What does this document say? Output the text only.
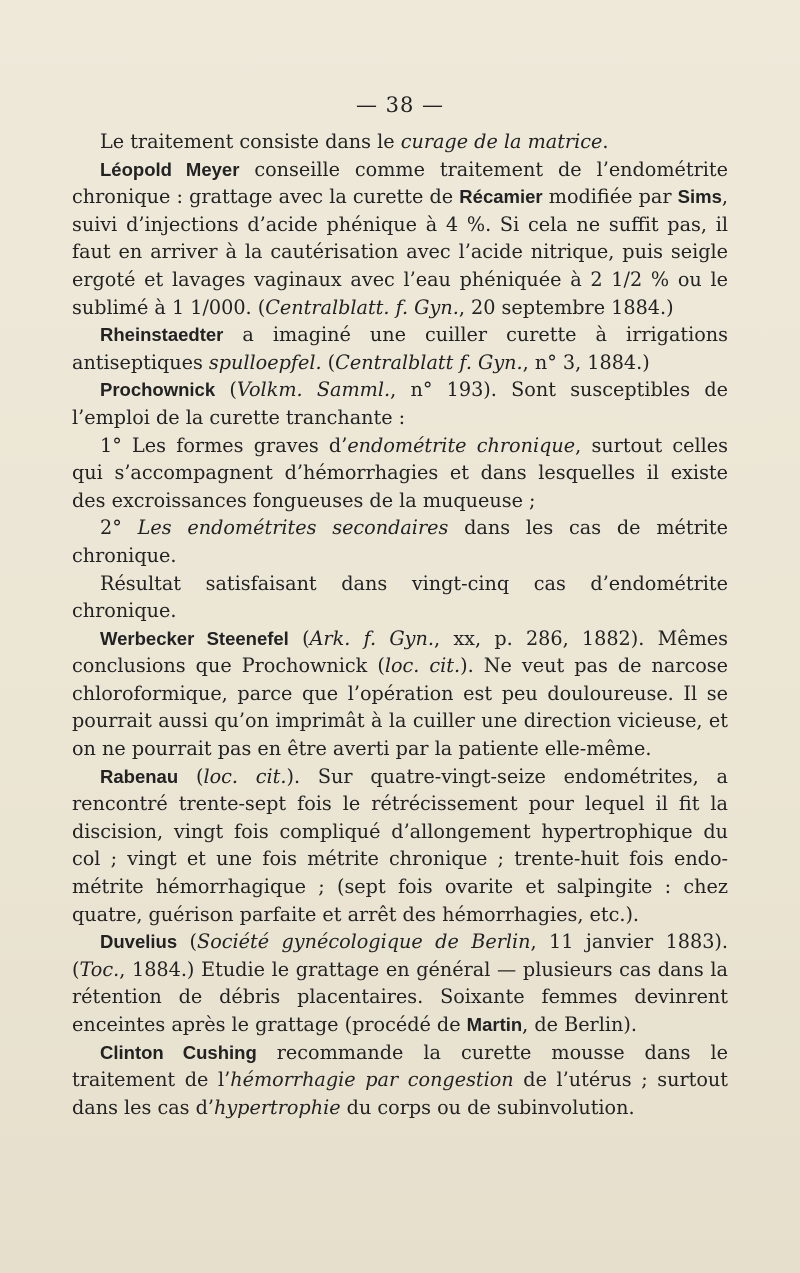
— 38 —

Le traitement consiste dans le curage de la matrice.

Léopold Meyer conseille comme traitement de l’endométrite chronique : grattage avec la curette de Récamier modifiée par Sims, suivi d’injections d’acide phénique à 4 %. Si cela ne suffit pas, il faut en arriver à la cautérisation avec l’acide nitrique, puis seigle ergoté et lavages vaginaux avec l’eau phéniquée à 2 1/2 % ou le sublimé à 1 1/000. (Centralblatt. f. Gyn., 20 septembre 1884.)

Rheinstaedter a imaginé une cuiller curette à irrigations antiseptiques spulloepfel. (Centralblatt f. Gyn., n° 3, 1884.)

Prochownick (Volkm. Samml., n° 193). Sont susceptibles de l’emploi de la curette tranchante :

1° Les formes graves d’endométrite chronique, surtout celles qui s’accompagnent d’hémorrhagies et dans lesquelles il existe des excroissances fongueuses de la muqueuse ;

2° Les endométrites secondaires dans les cas de métrite chronique.

Résultat satisfaisant dans vingt-cinq cas d’endométrite chronique.

Werbecker Steenefel (Ark. f. Gyn., xx, p. 286, 1882). Mêmes conclusions que Prochownick (loc. cit.). Ne veut pas de narcose chloroformique, parce que l’opération est peu douloureuse. Il se pourrait aussi qu’on imprimât à la cuiller une direction vicieuse, et on ne pourrait pas en être averti par la patiente elle-même.

Rabenau (loc. cit.). Sur quatre-vingt-seize endométrites, a rencontré trente-sept fois le rétrécissement pour lequel il fit la discision, vingt fois compliqué d’allongement hypertrophique du col ; vingt et une fois métrite chronique ; trente-huit fois endo-métrite hémorrhagique ; (sept fois ovarite et salpingite : chez quatre, guérison parfaite et arrêt des hémorrhagies, etc.).

Duvelius (Société gynécologique de Berlin, 11 janvier 1883). (Toc., 1884.) Etudie le grattage en général — plusieurs cas dans la rétention de débris placentaires. Soixante femmes devinrent enceintes après le grattage (procédé de Martin, de Berlin).

Clinton Cushing recommande la curette mousse dans le traitement de l’hémorrhagie par congestion de l’utérus ; surtout dans les cas d’hypertrophie du corps ou de subinvolution.
